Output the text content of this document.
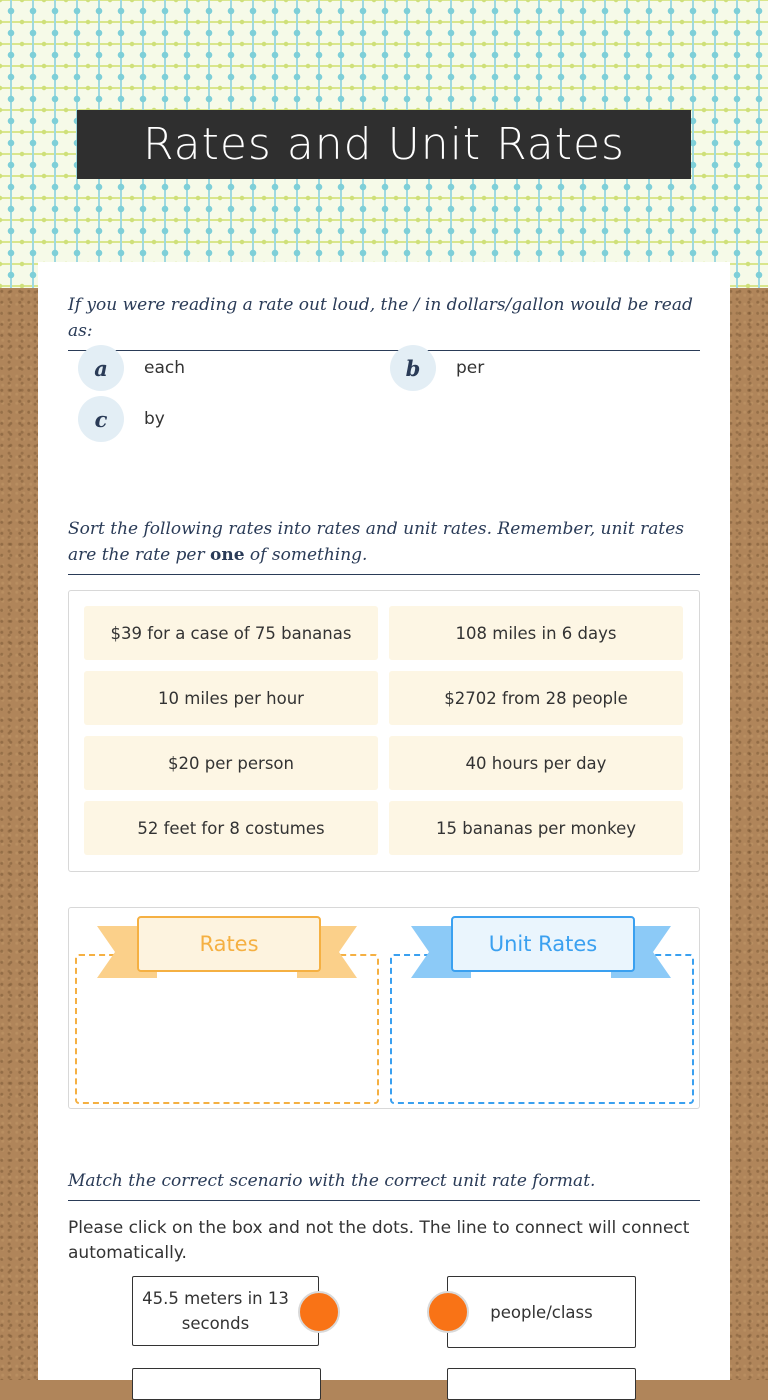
Rates and Unit Rates
If you were reading a rate out loud, the / in dollars/gallon would be read as:
a	each	b	per
c	by
Sort the following rates into rates and unit rates. Remember, unit rates are the rate per one of something.
$39 for a case of 75 bananas	108 miles in 6 days
10 miles per hour	$2702 from 28 people
$20 per person	40 hours per day
52 feet for 8 costumes	15 bananas per monkey
Rates	Unit Rates
Match the correct scenario with the correct unit rate format.
Please click on the box and not the dots. The line to connect will connect automatically.
45.5 meters in 13 seconds
people/class
